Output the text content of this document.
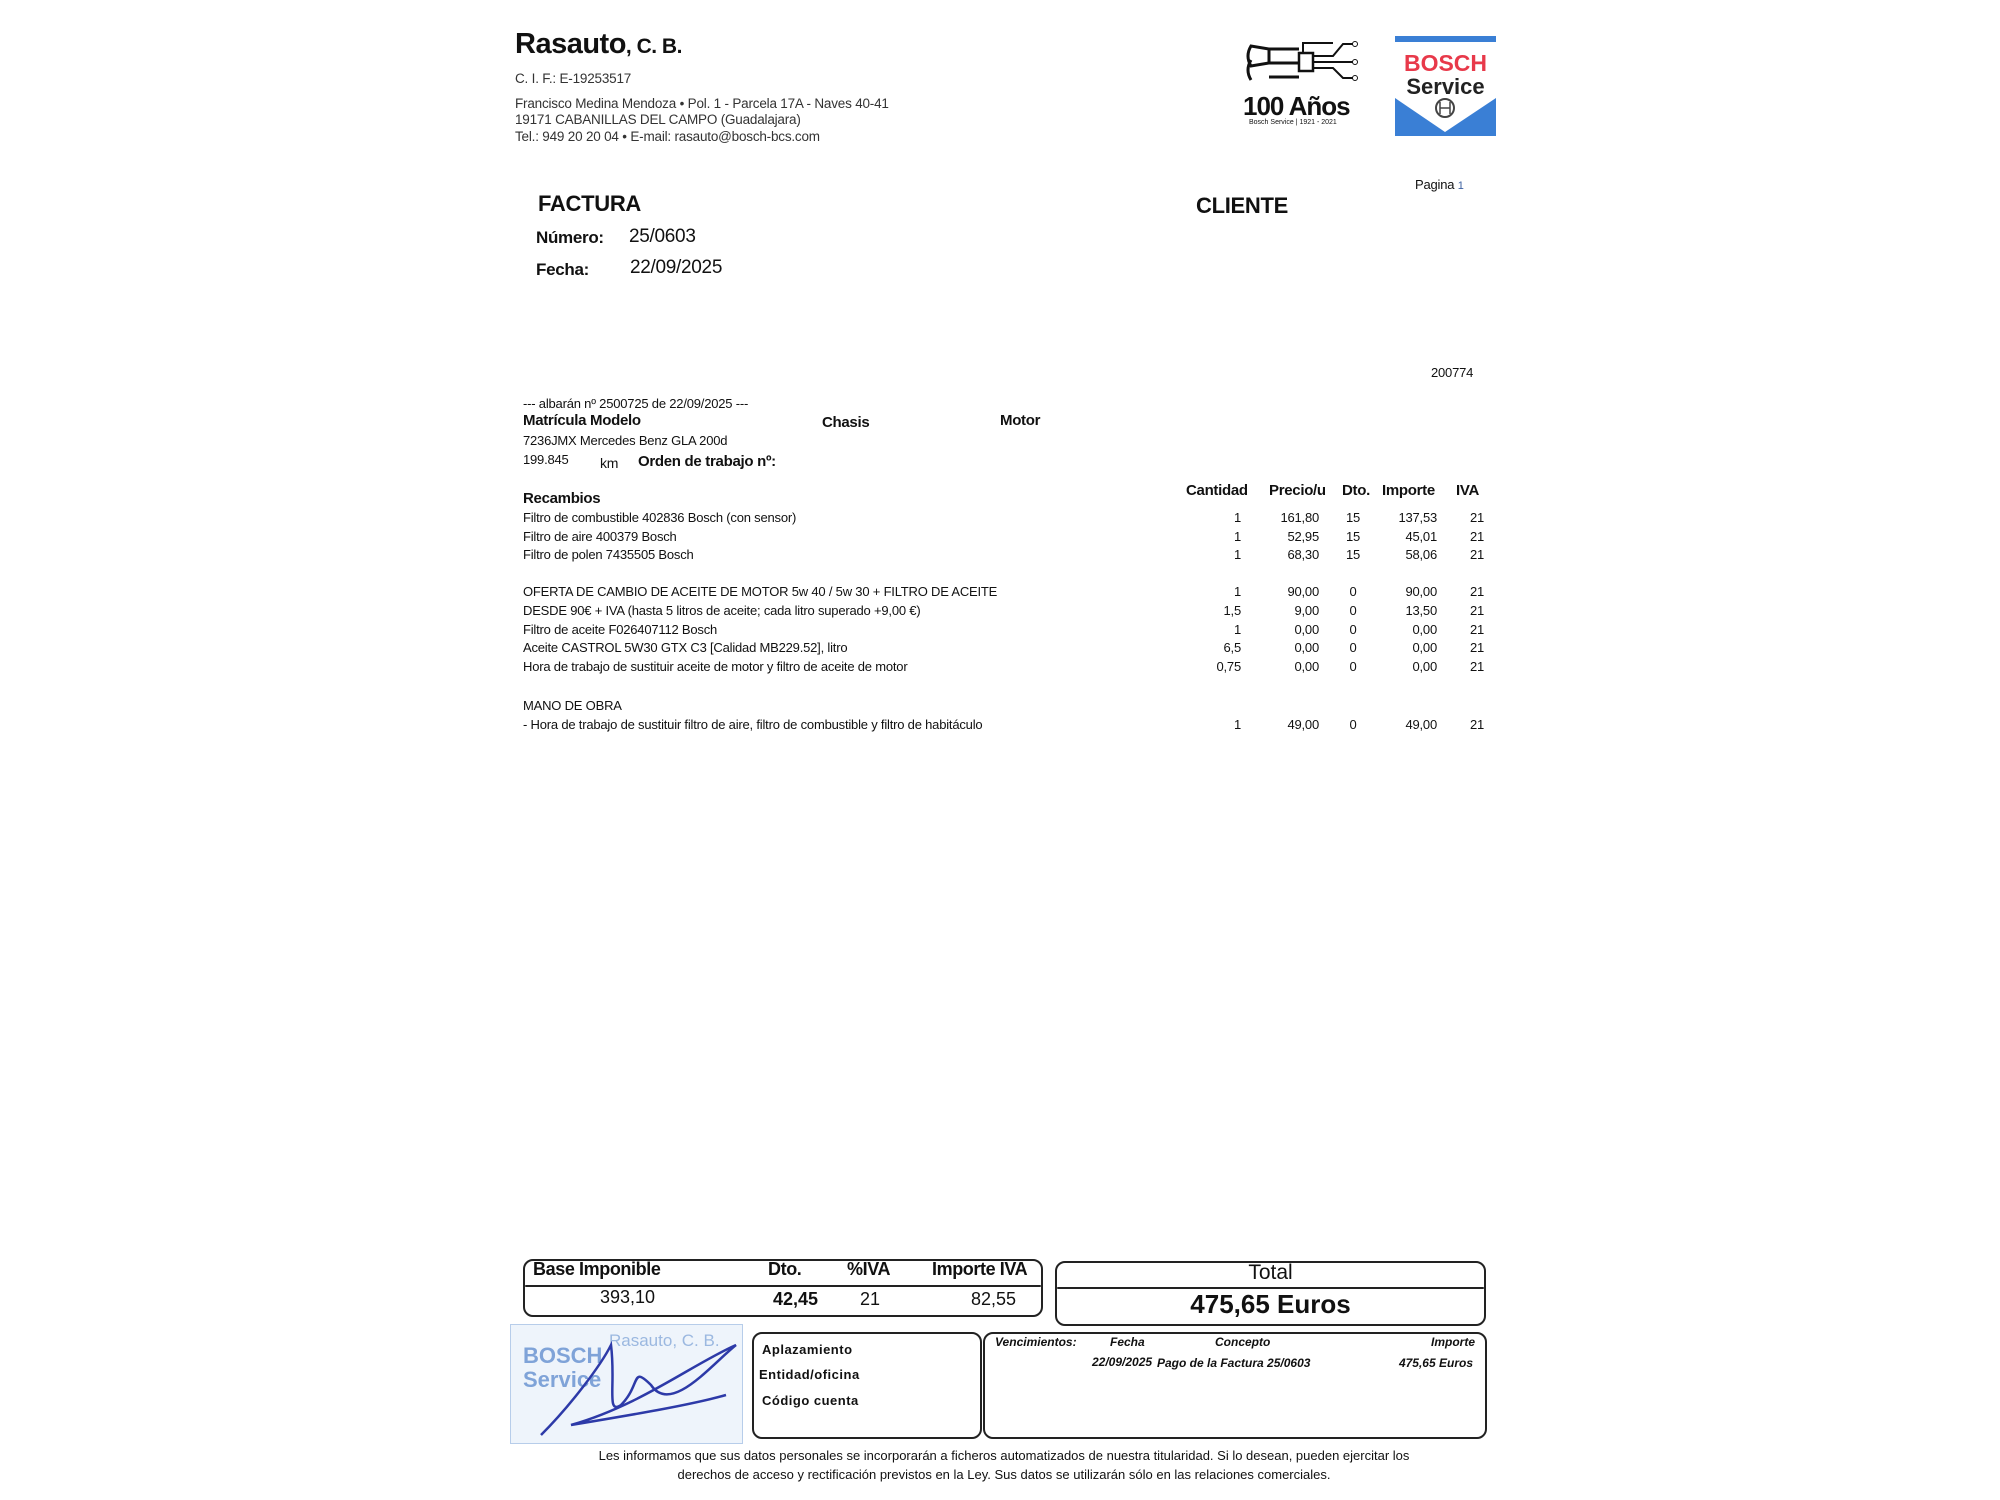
Rasauto, C. B.
C. I. F.: E-19253517
Francisco Medina Mendoza • Pol. 1 - Parcela 17A - Naves 40-41
19171 CABANILLAS DEL CAMPO (Guadalajara)
Tel.: 949 20 20 04 • E-mail: rasauto@bosch-bcs.com
100 Años
Bosch Service | 1921 - 2021
BOSCH
Service
Pagina 1
FACTURA
Número: 25/0603
Fecha: 22/09/2025
CLIENTE
200774
--- albarán nº 2500725 de 22/09/2025 ---
Matrícula Modelo	Chasis	Motor
7236JMX Mercedes Benz GLA 200d
199.845 km Orden de trabajo nº:
Cantidad Precio/u Dto. Importe IVA
Recambios
MANO DE OBRA
Filtro de combustible 402836 Bosch (con sensor)	1	161,80 15	137,53	21
Filtro de aire 400379 Bosch	1	52,95 15	45,01	21
Filtro de polen 7435505 Bosch	1	68,30 15	58,06	21
OFERTA DE CAMBIO DE ACEITE DE MOTOR 5w 40 / 5w 30 + FILTRO DE ACEITE	1	90,00	0	90,00	21
DESDE 90€ + IVA (hasta 5 litros de aceite; cada litro superado +9,00 €)	1,5	9,00	0	13,50	21
Filtro de aceite F026407112 Bosch	1	0,00	0	0,00	21
Aceite CASTROL 5W30 GTX C3 [Calidad MB229.52], litro	6,5	0,00	0	0,00	21
Hora de trabajo de sustituir aceite de motor y filtro de aceite de motor	0,75	0,00	0	0,00	21
- Hora de trabajo de sustituir filtro de aire, filtro de combustible y filtro de habitáculo	1	49,00	0	49,00	21
Base Imponible	Dto.	%IVA Importe IVA
393,10	42,45 21	82,55
Total
475,65 Euros
BOSCH
Service
Rasauto, C. B.	Aplazamiento
Entidad/oficina
Código cuenta
Vencimientos:	Fecha	Concepto	Importe
22/09/2025 Pago de la Factura 25/0603	475,65 Euros
Les informamos que sus datos personales se incorporarán a ficheros automatizados de nuestra titularidad. Si lo desean, pueden ejercitar los
derechos de acceso y rectificación previstos en la Ley. Sus datos se utilizarán sólo en las relaciones comerciales.
